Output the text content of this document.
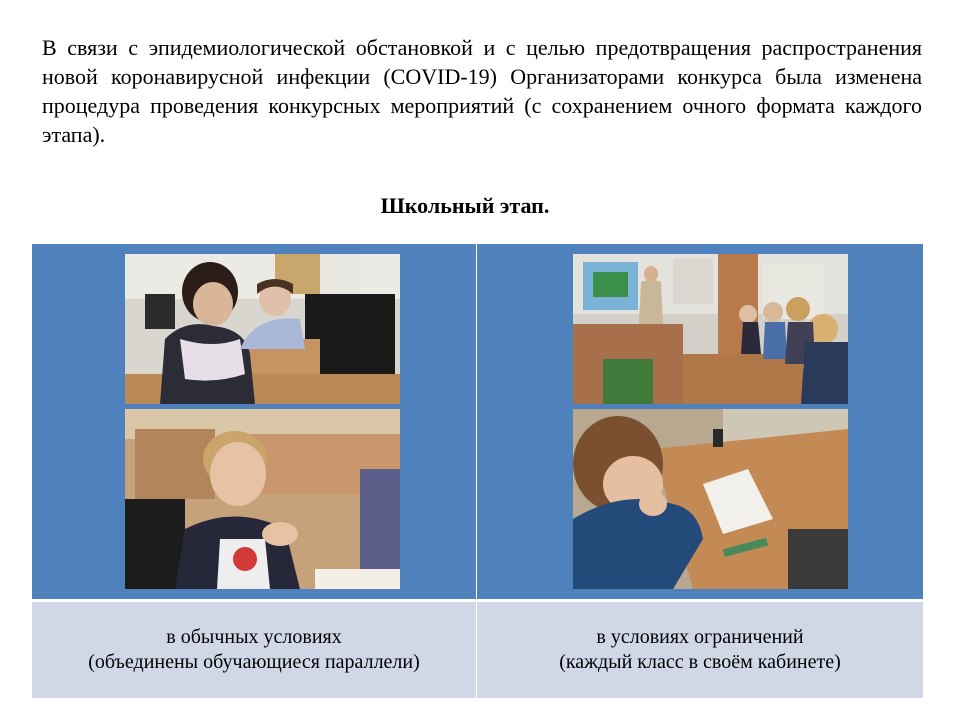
В связи с эпидемиологической обстановкой и с целью предотвращения распространения новой коронавирусной инфекции (COVID-19) Организаторами конкурса была изменена процедура проведения конкурсных мероприятий (с сохранением очного формата каждого этапа).

Школьный этап.

в обычных условиях
(объединены обучающиеся параллели)
в условиях ограничений
(каждый класс в своём кабинете)
